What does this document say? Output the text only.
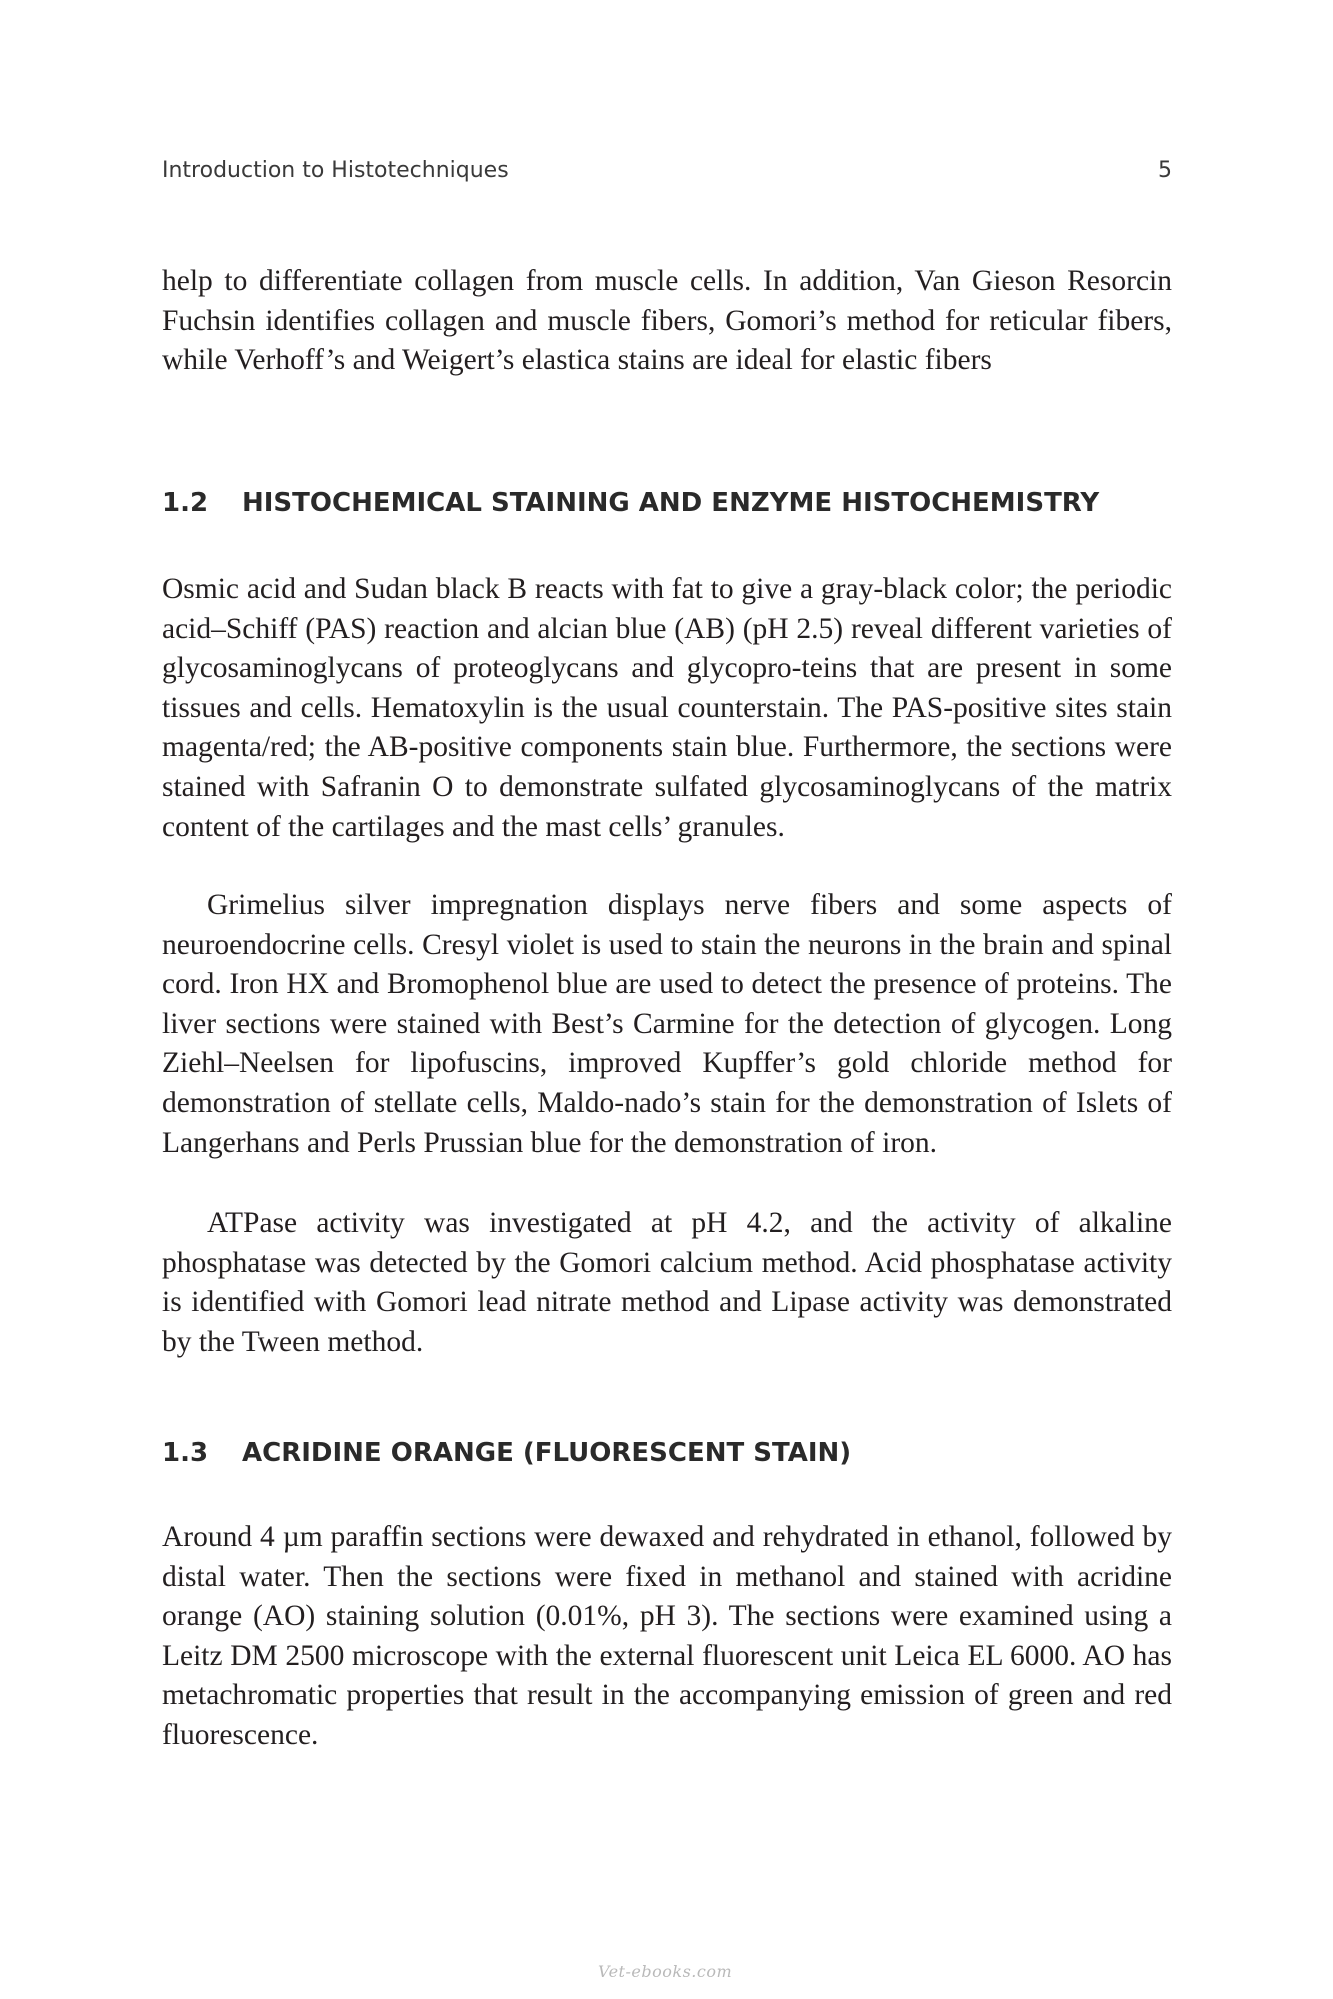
Introduction to Histotechniques	5

help to differentiate collagen from muscle cells. In addition, Van Gieson Resorcin Fuchsin identifies collagen and muscle fibers, Gomori’s method for reticular fibers, while Verhoff’s and Weigert’s elastica stains are ideal for elastic fibers

1.2 HISTOCHEMICAL STAINING AND ENZYME HISTOCHEMISTRY

Osmic acid and Sudan black B reacts with fat to give a gray-black color; the periodic acid–Schiff (PAS) reaction and alcian blue (AB) (pH 2.5) reveal different varieties of glycosaminoglycans of proteoglycans and glycopro-teins that are present in some tissues and cells. Hematoxylin is the usual counterstain. The PAS-positive sites stain magenta/red; the AB-positive components stain blue. Furthermore, the sections were stained with Safranin O to demonstrate sulfated glycosaminoglycans of the matrix content of the cartilages and the mast cells’ granules.

Grimelius silver impregnation displays nerve fibers and some aspects of neuroendocrine cells. Cresyl violet is used to stain the neurons in the brain and spinal cord. Iron HX and Bromophenol blue are used to detect the presence of proteins. The liver sections were stained with Best’s Carmine for the detection of glycogen. Long Ziehl–Neelsen for lipofuscins, improved Kupffer’s gold chloride method for demonstration of stellate cells, Maldo-nado’s stain for the demonstration of Islets of Langerhans and Perls Prussian blue for the demonstration of iron.

ATPase activity was investigated at pH 4.2, and the activity of alkaline phosphatase was detected by the Gomori calcium method. Acid phosphatase activity is identified with Gomori lead nitrate method and Lipase activity was demonstrated by the Tween method.

1.3 ACRIDINE ORANGE (FLUORESCENT STAIN)

Around 4 µm paraffin sections were dewaxed and rehydrated in ethanol, followed by distal water. Then the sections were fixed in methanol and stained with acridine orange (AO) staining solution (0.01%, pH 3). The sections were examined using a Leitz DM 2500 microscope with the external fluorescent unit Leica EL 6000. AO has metachromatic properties that result in the accompanying emission of green and red fluorescence.

Vet-ebooks.com
